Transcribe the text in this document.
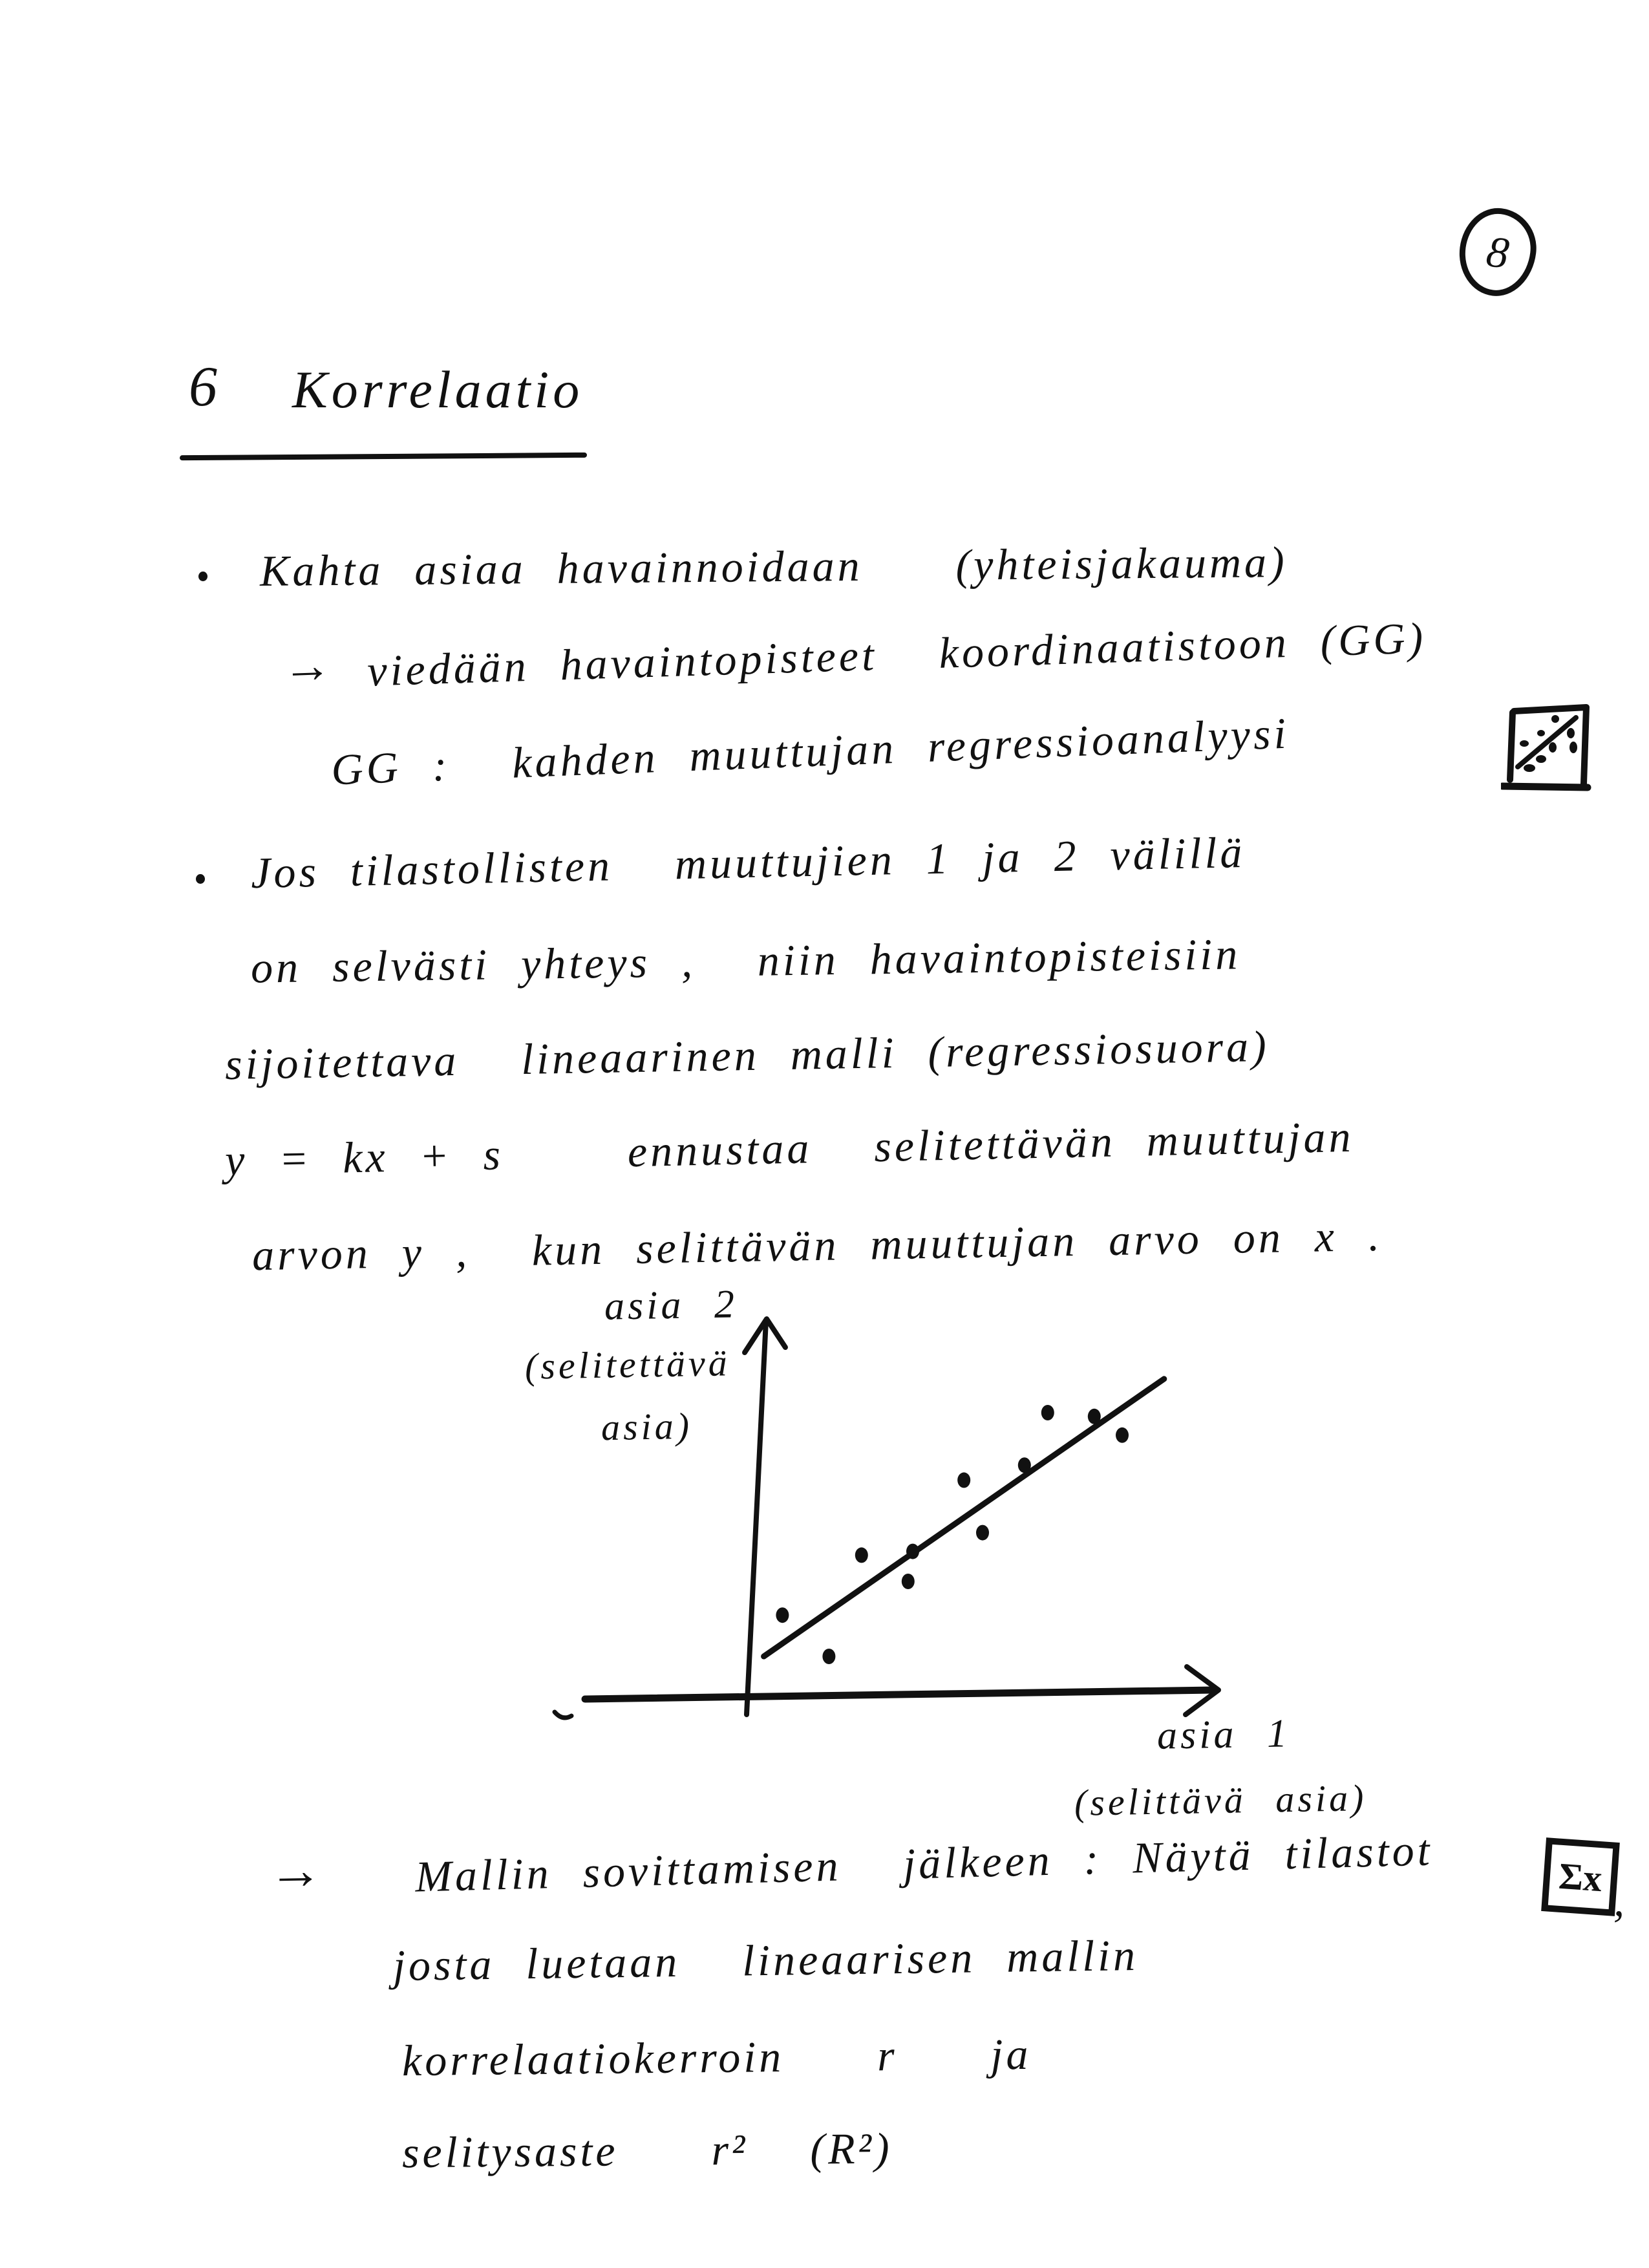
8
6 Korrelaatio
Kahta asiaa havainnoidaan   (yhteisjakauma)
→ viedään havaintopisteet  koordinaatistoon (GG)
GG :  kahden muuttujan regressioanalyysi
Jos tilastollisten  muuttujien 1 ja 2 välillä
on selvästi yhteys ,  niin havaintopisteisiin
sijoitettava  lineaarinen malli (regressiosuora)
y = kx + s    ennustaa  selitettävän muuttujan
arvon y ,  kun selittävän muuttujan arvo on x .
asia 2
(selitettävä
asia)
asia 1
(selittävä asia)
→ Mallin sovittamisen  jälkeen : Näytä tilastot	Σx ,
josta luetaan  lineaarisen mallin
korrelaatiokerroin   r   ja
selitysaste   r²  (R²)
